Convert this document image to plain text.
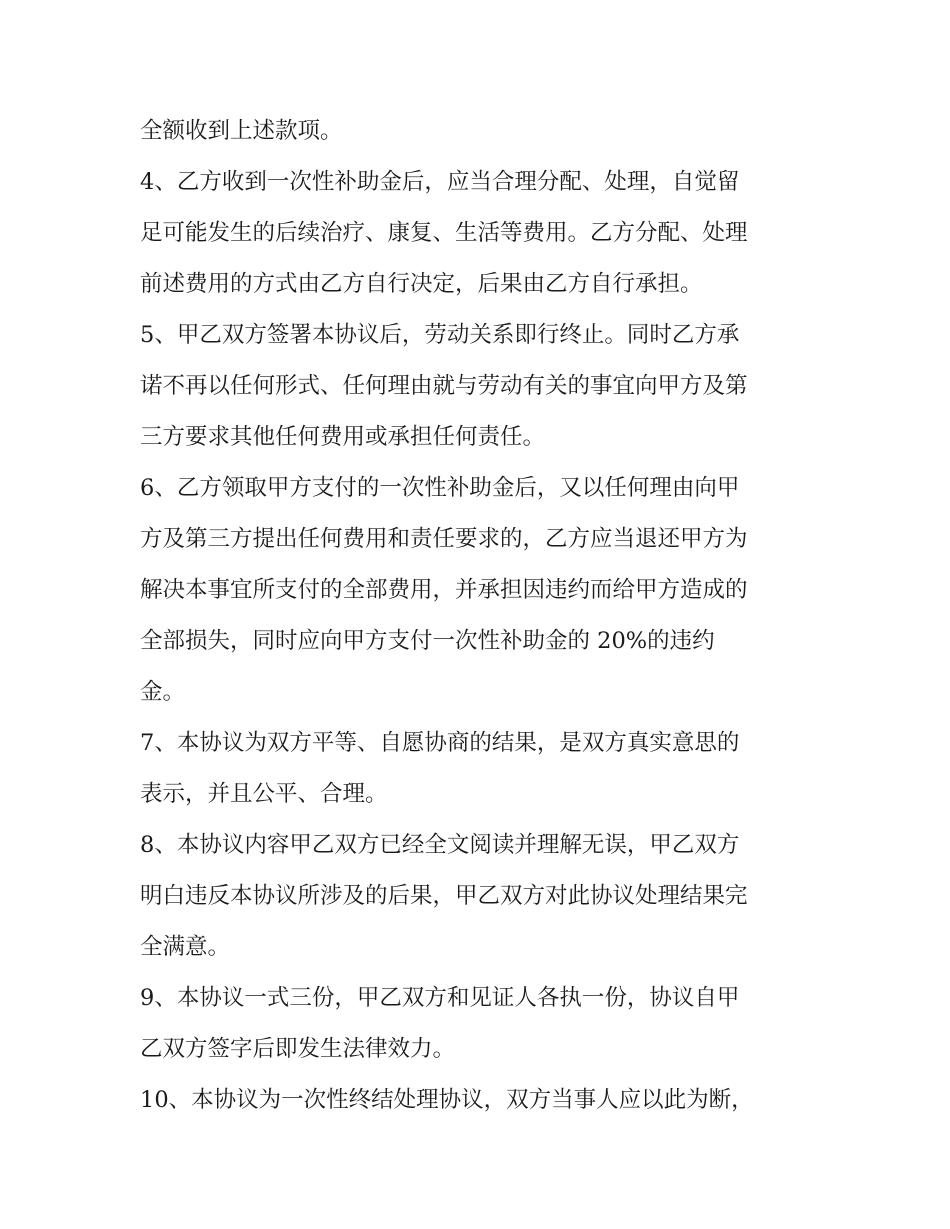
全额收到上述款项。
4、乙方收到一次性补助金后，应当合理分配、处理，自觉留
足可能发生的后续治疗、康复、生活等费用。乙方分配、处理
前述费用的方式由乙方自行决定，后果由乙方自行承担。
5、甲乙双方签署本协议后，劳动关系即行终止。同时乙方承
诺不再以任何形式、任何理由就与劳动有关的事宜向甲方及第
三方要求其他任何费用或承担任何责任。
6、乙方领取甲方支付的一次性补助金后，又以任何理由向甲
方及第三方提出任何费用和责任要求的，乙方应当退还甲方为
解决本事宜所支付的全部费用，并承担因违约而给甲方造成的
全部损失，同时应向甲方支付一次性补助金的 20%的违约
金。
7、本协议为双方平等、自愿协商的结果，是双方真实意思的
表示，并且公平、合理。
8、本协议内容甲乙双方已经全文阅读并理解无误，甲乙双方
明白违反本协议所涉及的后果，甲乙双方对此协议处理结果完
全满意。
9、本协议一式三份，甲乙双方和见证人各执一份，协议自甲
乙双方签字后即发生法律效力。
10、本协议为一次性终结处理协议，双方当事人应以此为断，
